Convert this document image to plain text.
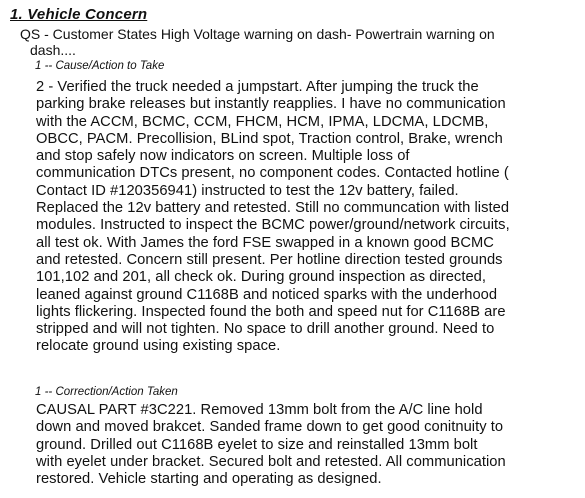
1. Vehicle Concern
QS - Customer States High Voltage warning on dash- Powertrain warning on
dash....
1 -- Cause/Action to Take
2 - Verified the truck needed a jumpstart. After jumping the truck the
parking brake releases but instantly reapplies. I have no communication
with the ACCM, BCMC, CCM, FHCM, HCM, IPMA, LDCMA, LDCMB,
OBCC, PACM. Precollision, BLind spot, Traction control, Brake, wrench
and stop safely now indicators on screen. Multiple loss of
communication DTCs present, no component codes. Contacted hotline (
Contact ID #120356941) instructed to test the 12v battery, failed.
Replaced the 12v battery and retested. Still no communcation with listed
modules. Instructed to inspect the BCMC power/ground/network circuits,
all test ok. With James the ford FSE swapped in a known good BCMC
and retested. Concern still present. Per hotline direction tested grounds
101,102 and 201, all check ok. During ground inspection as directed,
leaned against ground C1168B and noticed sparks with the underhood
lights flickering. Inspected found the both and speed nut for C1168B are
stripped and will not tighten. No space to drill another ground. Need to
relocate ground using existing space.
1 -- Correction/Action Taken
CAUSAL PART #3C221. Removed 13mm bolt from the A/C line hold
down and moved brakcet. Sanded frame down to get good conitnuity to
ground. Drilled out C1168B eyelet to size and reinstalled 13mm bolt
with eyelet under bracket. Secured bolt and retested. All communication
restored. Vehicle starting and operating as designed.
